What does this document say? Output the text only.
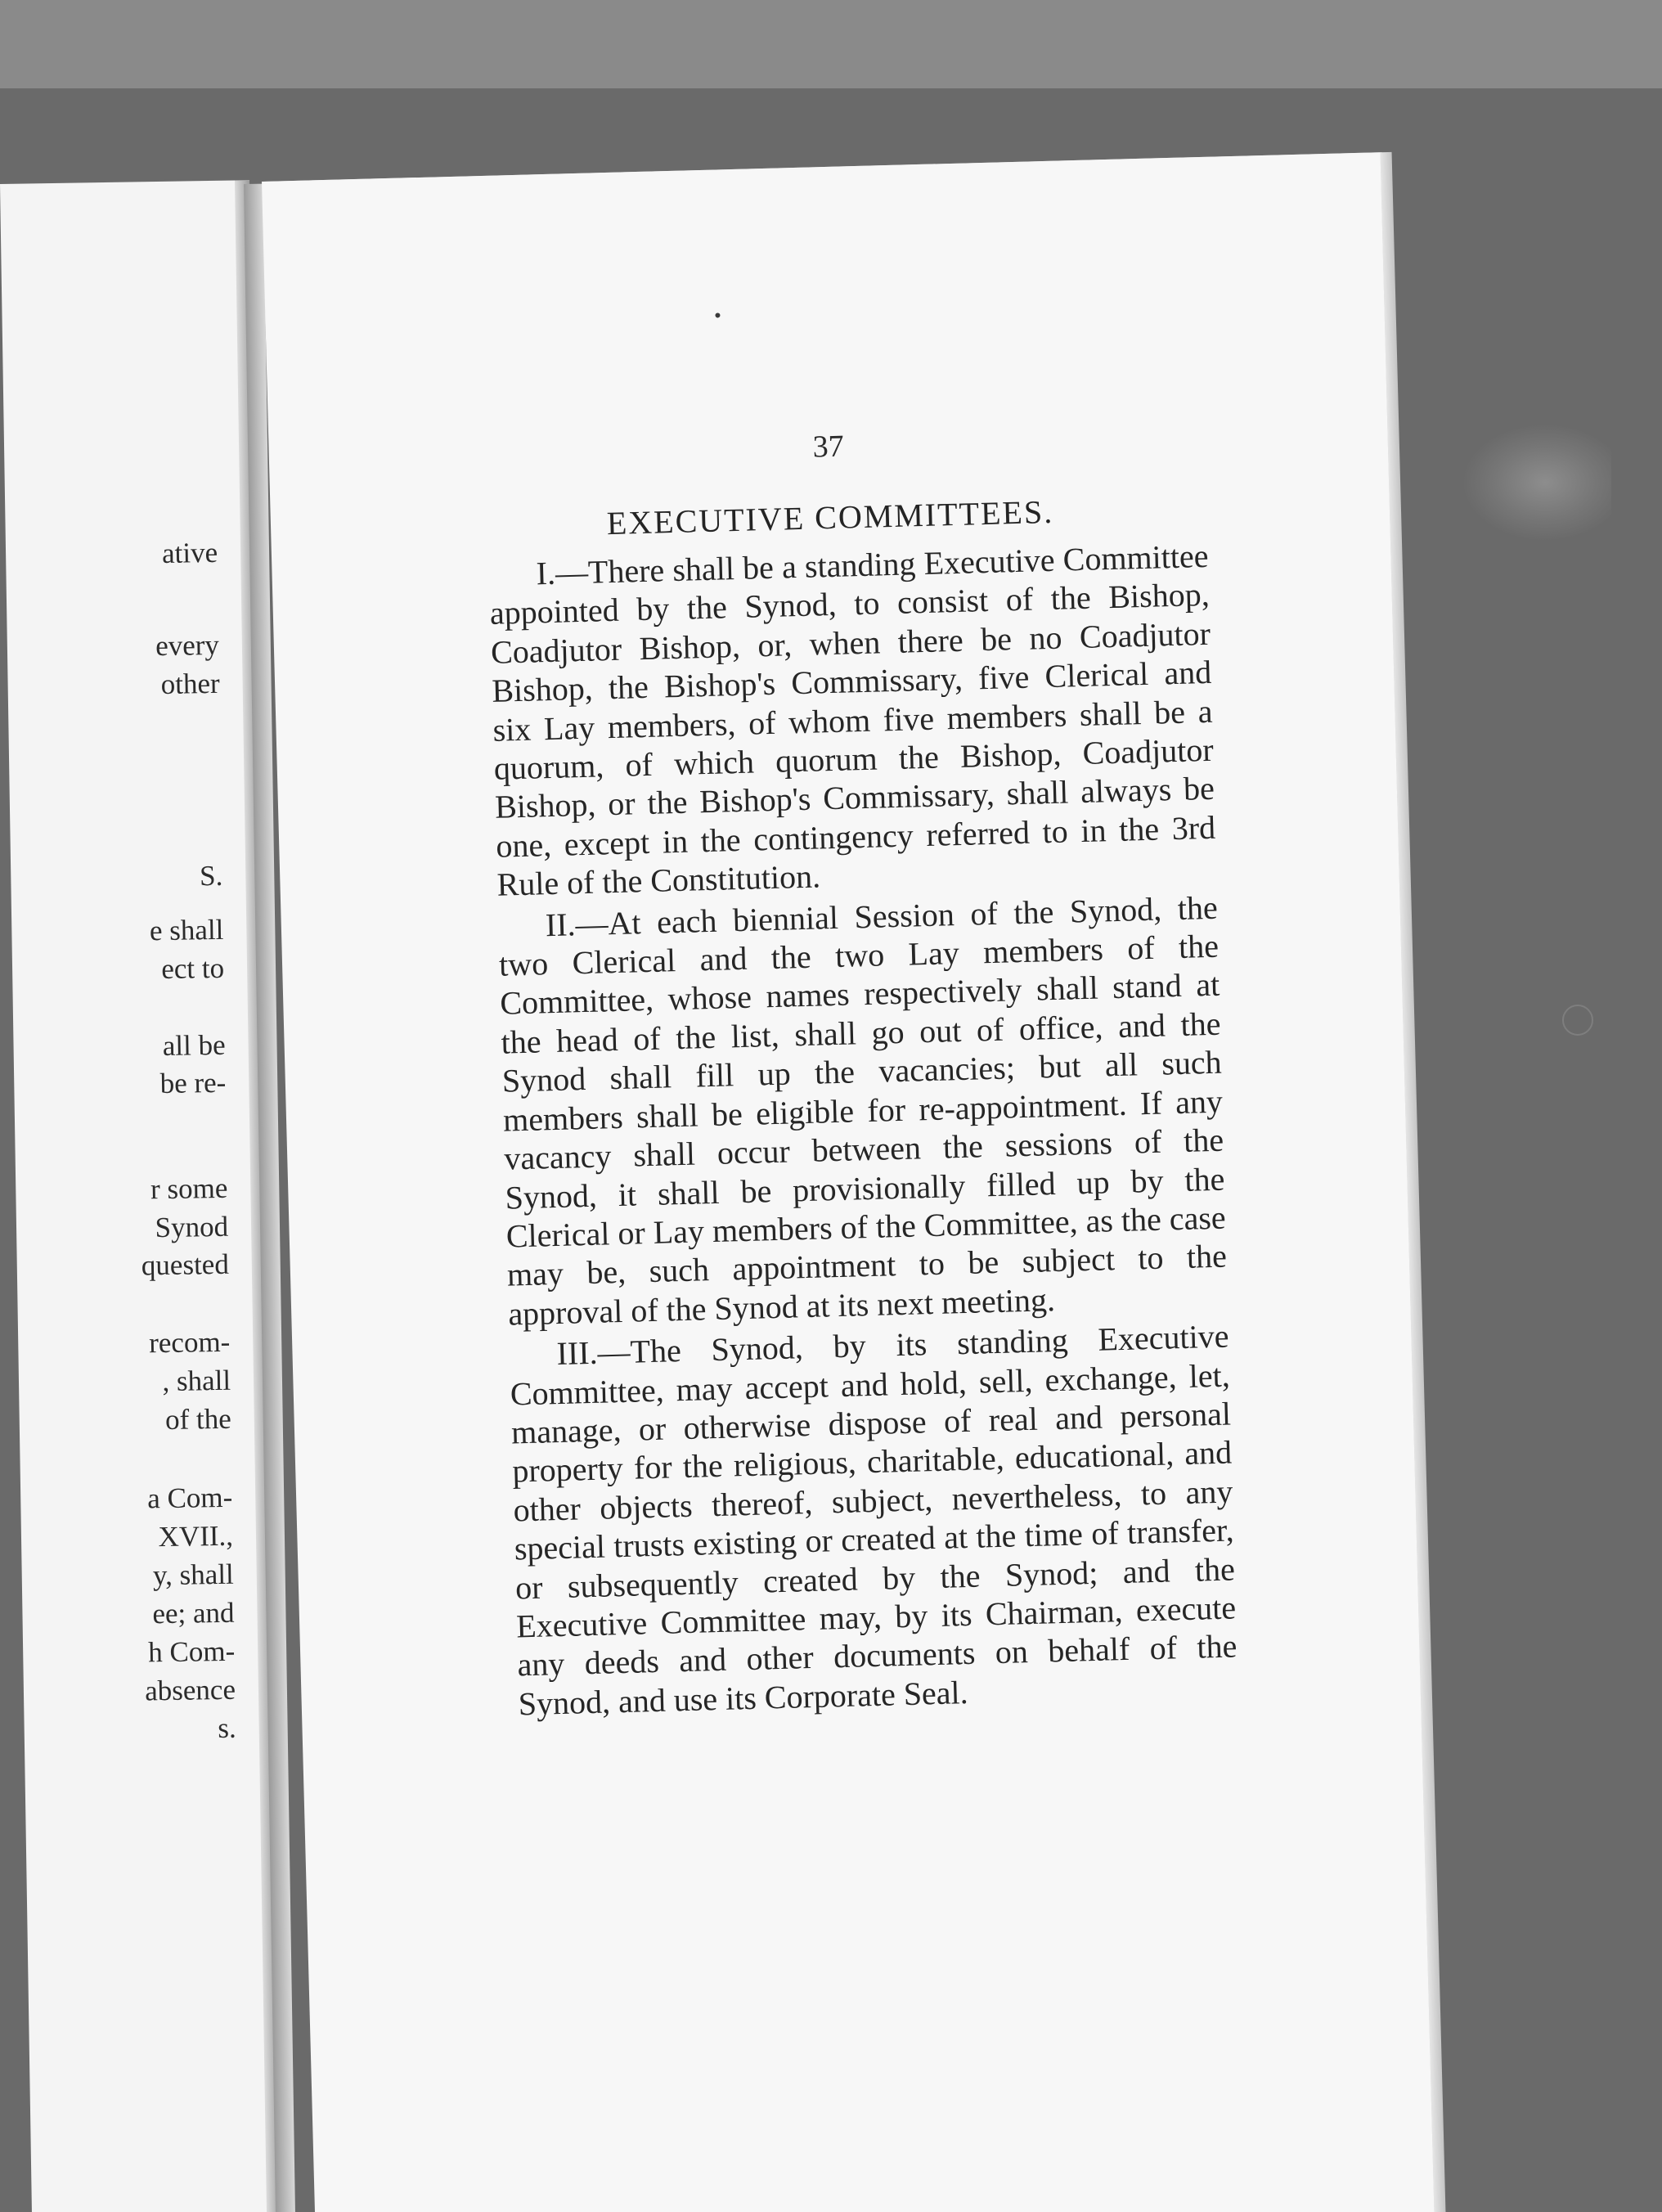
ative
every
other
S.
e shall
ect to
all be
be re-
r some
Synod
quested
recom-
, shall
of the
a Com-
XVII.,
y, shall
ee; and
h Com-
absence
s.
37
EXECUTIVE COMMITTEES.

I.—There shall be a standing Executive Committee appointed by the Synod, to consist of the Bishop, Coadjutor Bishop, or, when there be no Coadjutor Bishop, the Bishop's Commissary, five Clerical and six Lay members, of whom five members shall be a quorum, of which quorum the Bishop, Coadjutor Bishop, or the Bishop's Commissary, shall always be one, except in the contingency referred to in the 3rd Rule of the Constitution.

II.—At each biennial Session of the Synod, the two Clerical and the two Lay members of the Committee, whose names respectively shall stand at the head of the list, shall go out of office, and the Synod shall fill up the vacancies; but all such members shall be eligible for re-appointment. If any vacancy shall occur between the sessions of the Synod, it shall be provisionally filled up by the Clerical or Lay members of the Committee, as the case may be, such appointment to be subject to the approval of the Synod at its next meeting.

III.—The Synod, by its standing Executive Committee, may accept and hold, sell, exchange, let, manage, or otherwise dispose of real and personal property for the religious, charitable, educational, and other objects thereof, subject, nevertheless, to any special trusts existing or created at the time of transfer, or subsequently created by the Synod; and the Executive Committee may, by its Chairman, execute any deeds and other documents on behalf of the Synod, and use its Corporate Seal.
